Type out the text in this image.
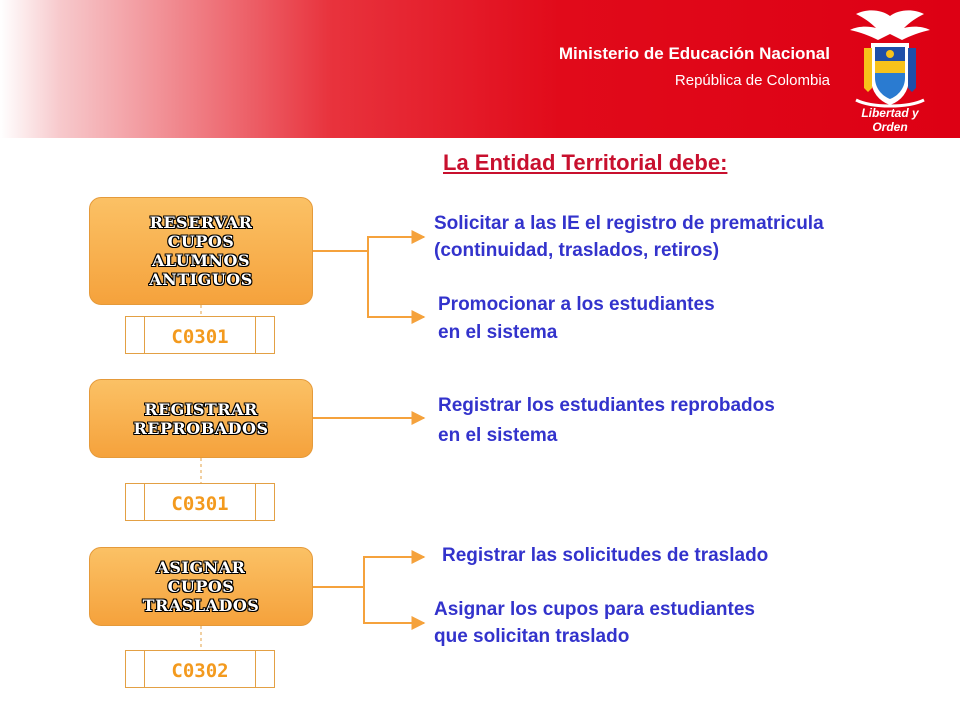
Ministerio de Educación Nacional
República de Colombia
Libertad y Orden
La Entidad Territorial debe:
RESERVAR
CUPOS
ALUMNOS
ANTIGUOS
C0301
Solicitar a las IE el registro de prematricula
(continuidad, traslados, retiros)
Promocionar a los estudiantes
en el sistema
REGISTRAR
REPROBADOS
C0301
Registrar los estudiantes reprobados
en el sistema
ASIGNAR
CUPOS
TRASLADOS
C0302
Registrar las solicitudes de traslado
Asignar los cupos para estudiantes
que solicitan traslado
